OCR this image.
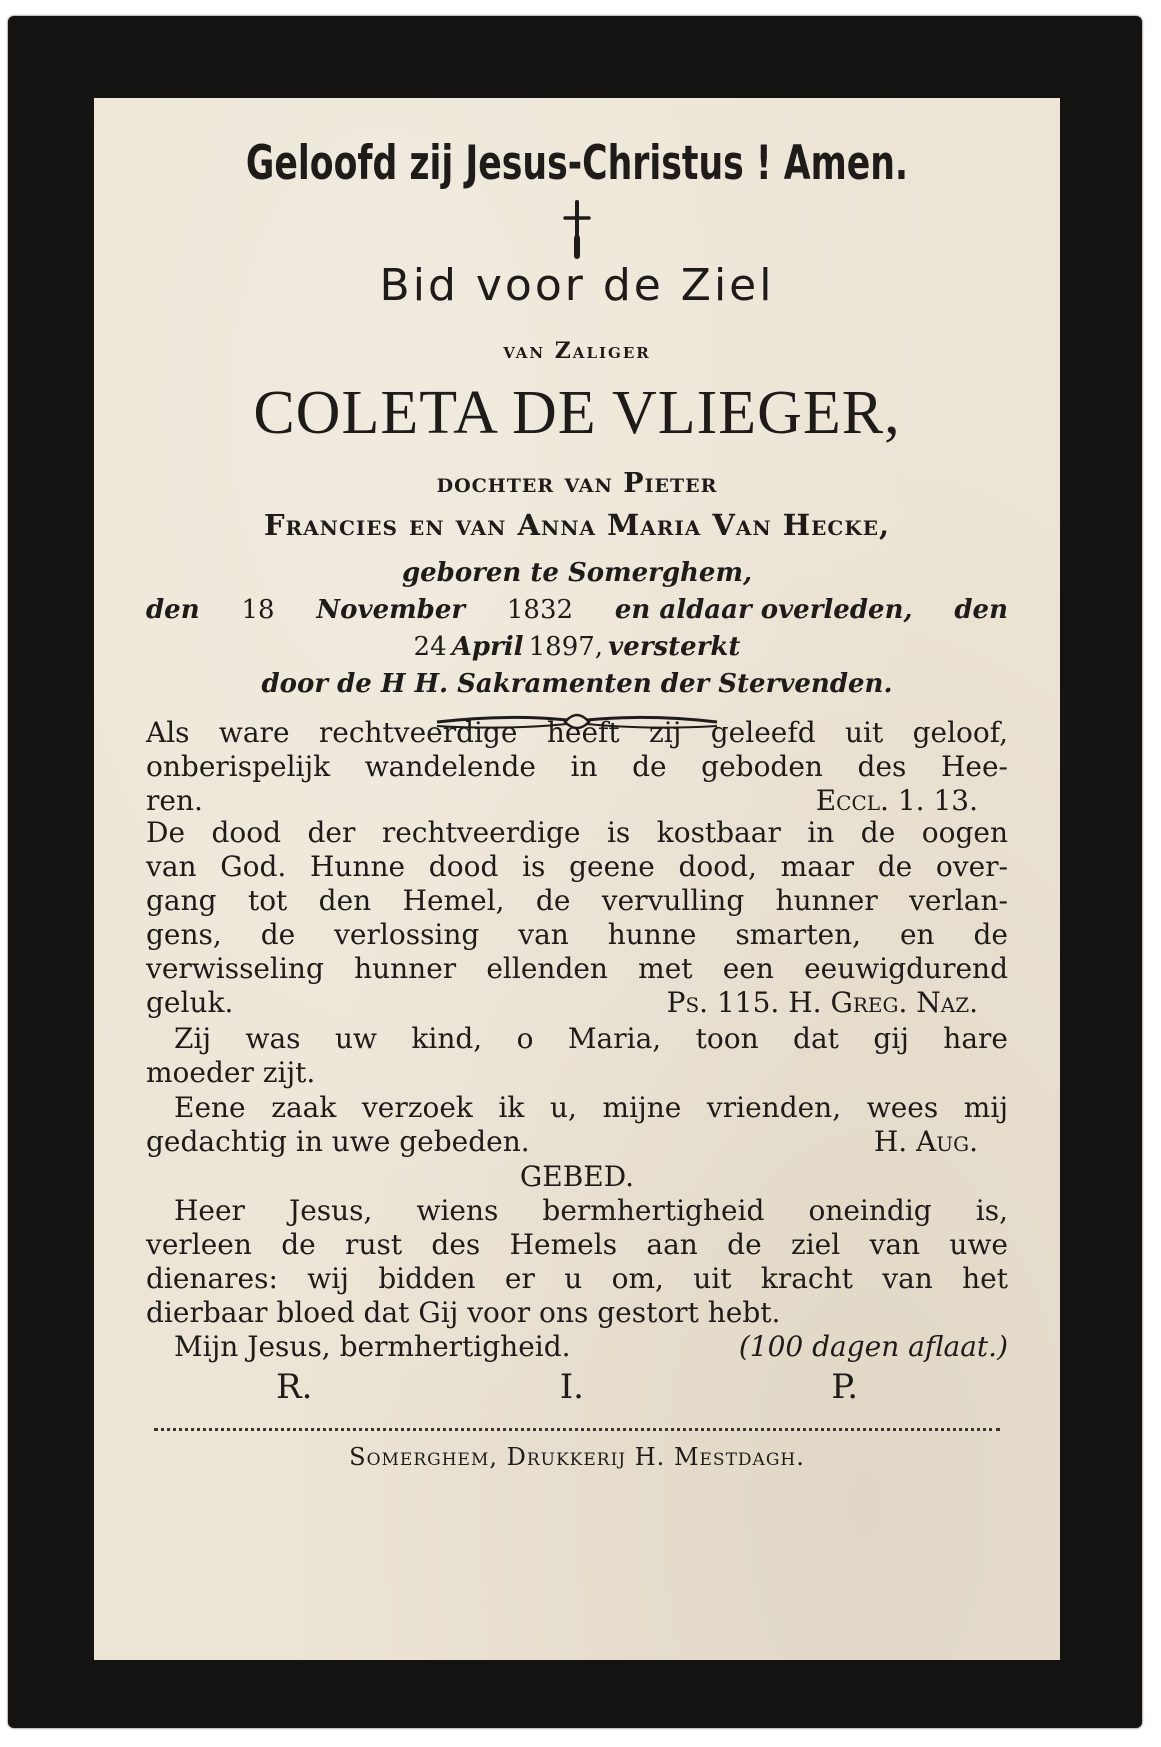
Geloofd zij Jesus-Christus ! Amen.
Bid voor de Ziel
van Zaliger
COLETA DE VLIEGER,
dochter van Pieter
Francies en van Anna Maria Van Hecke,
geboren te Somerghem,
den 18 November 1832 en aldaar overleden, den
24 April 1897, versterkt
door de H H. Sakramenten der Stervenden.
Als ware rechtveerdige heeft zij geleefd uit geloof,
onberispelijk wandelende in de geboden des Hee-
ren.	Eccl. 1. 13.
De dood der rechtveerdige is kostbaar in de oogen
van God. Hunne dood is geene dood, maar de over-
gang tot den Hemel, de vervulling hunner verlan-
gens, de verlossing van hunne smarten, en de
verwisseling hunner ellenden met een eeuwigdurend
geluk.	Ps. 115. H. Greg. Naz.
Zij was uw kind, o Maria, toon dat gij hare
moeder zijt.
Eene zaak verzoek ik u, mijne vrienden, wees mij
gedachtig in uwe gebeden.	H. Aug.
GEBED.
Heer Jesus, wiens bermhertigheid oneindig is,
verleen de rust des Hemels aan de ziel van uwe
dienares: wij bidden er u om, uit kracht van het
dierbaar bloed dat Gij voor ons gestort hebt.
Mijn Jesus, bermhertigheid.	(100 dagen aflaat.)
R.	I.	P.
Somerghem, Drukkerij H. Mestdagh.
